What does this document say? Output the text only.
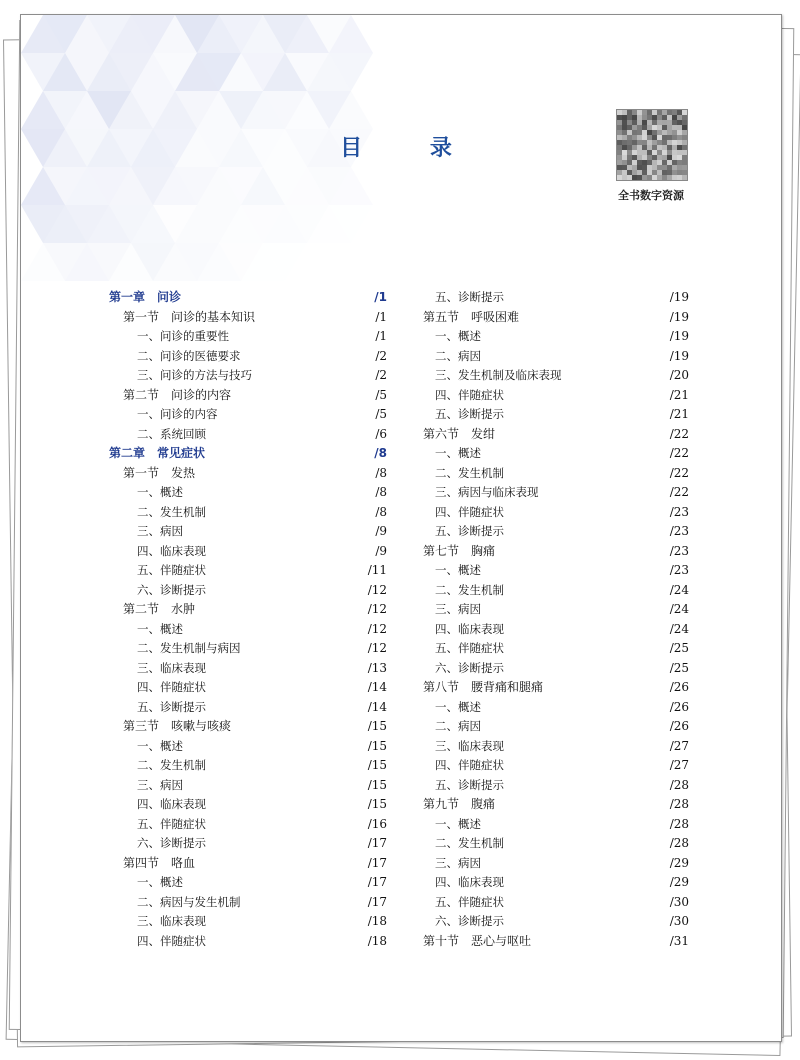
目 录
全书数字资源
第一章　问诊	/1
第一节　问诊的基本知识	/1
一、问诊的重要性	/1
二、问诊的医德要求	/2
三、问诊的方法与技巧	/2
第二节　问诊的内容	/5
一、问诊的内容	/5
二、系统回顾	/6
第二章　常见症状	/8
第一节　发热	/8
一、概述	/8
二、发生机制	/8
三、病因	/9
四、临床表现	/9
五、伴随症状	/11
六、诊断提示	/12
第二节　水肿	/12
一、概述	/12
二、发生机制与病因	/12
三、临床表现	/13
四、伴随症状	/14
五、诊断提示	/14
第三节　咳嗽与咳痰	/15
一、概述	/15
二、发生机制	/15
三、病因	/15
四、临床表现	/15
五、伴随症状	/16
六、诊断提示	/17
第四节　咯血	/17
一、概述	/17
二、病因与发生机制	/17
三、临床表现	/18
四、伴随症状	/18
五、诊断提示	/19
第五节　呼吸困难	/19
一、概述	/19
二、病因	/19
三、发生机制及临床表现	/20
四、伴随症状	/21
五、诊断提示	/21
第六节　发绀	/22
一、概述	/22
二、发生机制	/22
三、病因与临床表现	/22
四、伴随症状	/23
五、诊断提示	/23
第七节　胸痛	/23
一、概述	/23
二、发生机制	/24
三、病因	/24
四、临床表现	/24
五、伴随症状	/25
六、诊断提示	/25
第八节　腰背痛和腿痛	/26
一、概述	/26
二、病因	/26
三、临床表现	/27
四、伴随症状	/27
五、诊断提示	/28
第九节　腹痛	/28
一、概述	/28
二、发生机制	/28
三、病因	/29
四、临床表现	/29
五、伴随症状	/30
六、诊断提示	/30
第十节　恶心与呕吐	/31
